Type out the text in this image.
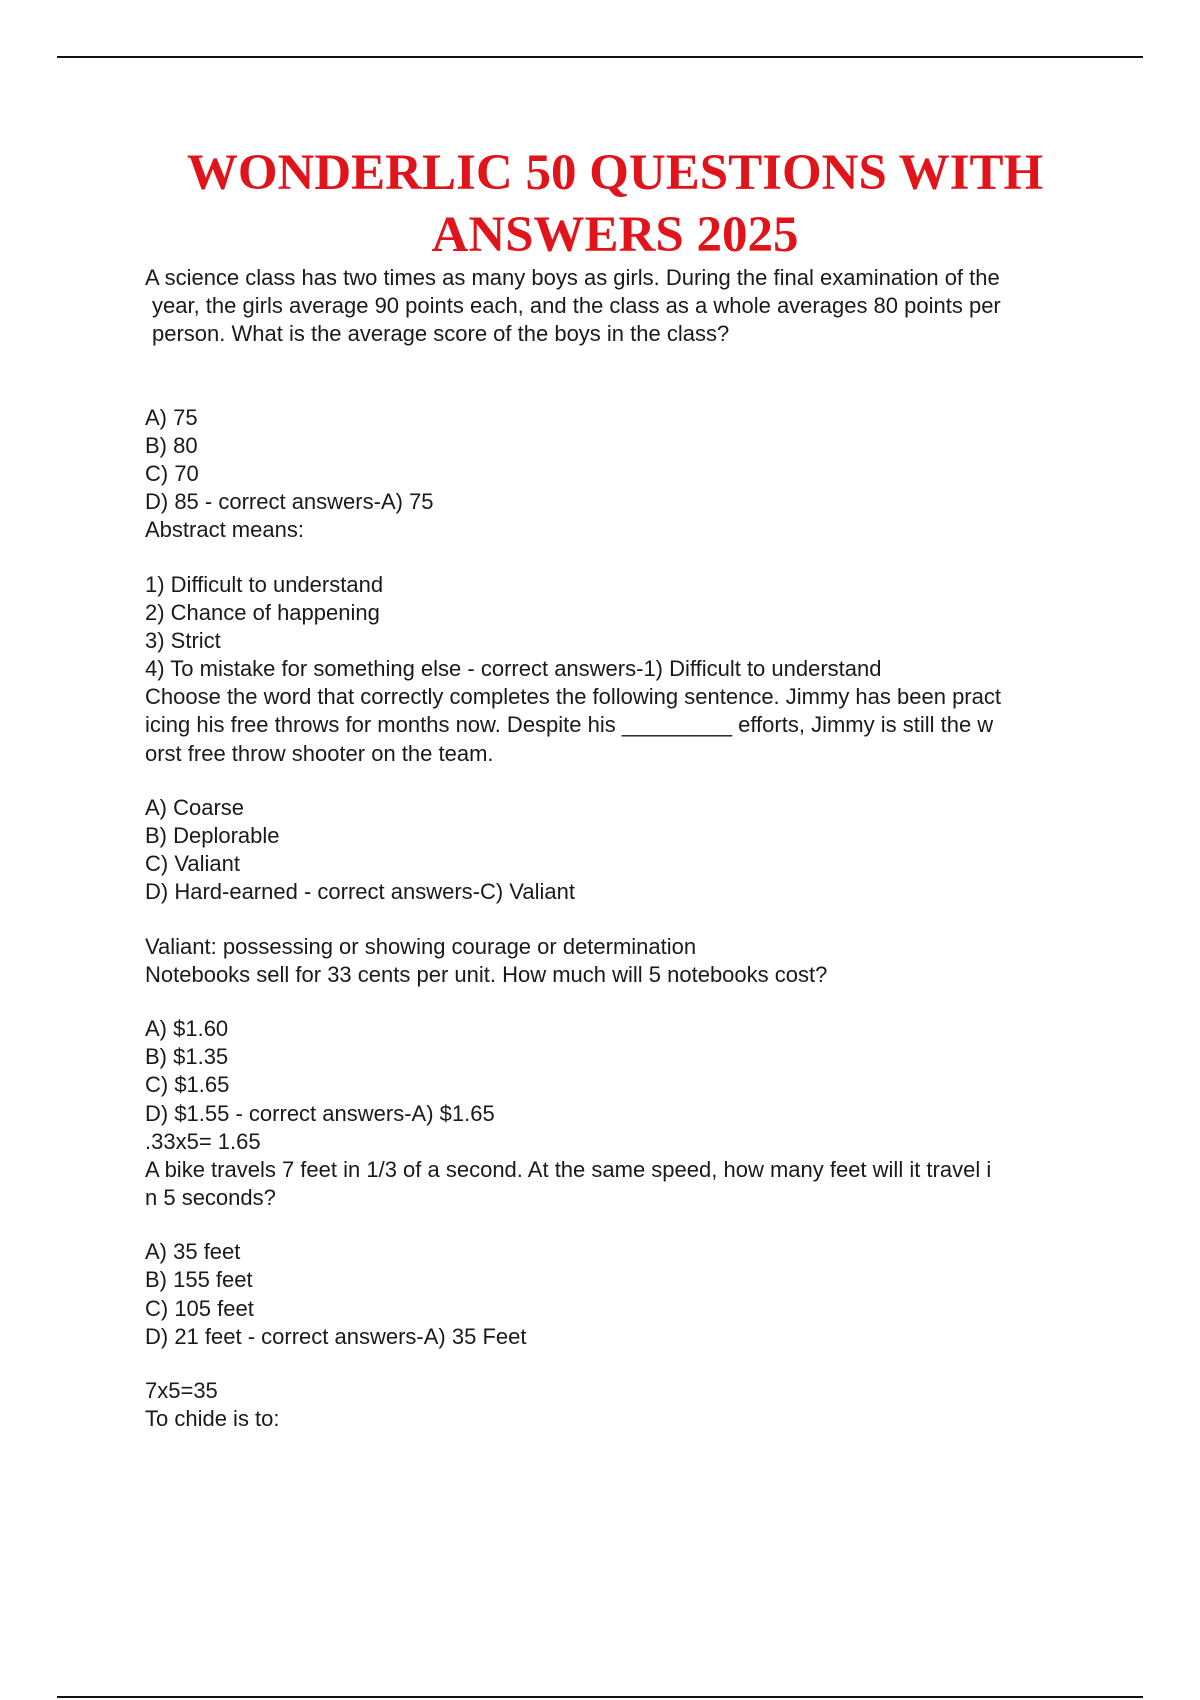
WONDERLIC 50 QUESTIONS WITH
ANSWERS 2025
A science class has two times as many boys as girls. During the final examination of the
year, the girls average 90 points each, and the class as a whole averages 80 points per
person. What is the average score of the boys in the class?
A) 75
B) 80
C) 70
D) 85 - correct answers-A) 75
Abstract means:
1) Difficult to understand
2) Chance of happening
3) Strict
4) To mistake for something else - correct answers-1) Difficult to understand
Choose the word that correctly completes the following sentence. Jimmy has been pract
icing his free throws for months now. Despite his _________ efforts, Jimmy is still the w
orst free throw shooter on the team.
A) Coarse
B) Deplorable
C) Valiant
D) Hard-earned - correct answers-C) Valiant
Valiant: possessing or showing courage or determination
Notebooks sell for 33 cents per unit. How much will 5 notebooks cost?
A) $1.60
B) $1.35
C) $1.65
D) $1.55 - correct answers-A) $1.65
.33x5= 1.65
A bike travels 7 feet in 1/3 of a second. At the same speed, how many feet will it travel i
n 5 seconds?
A) 35 feet
B) 155 feet
C) 105 feet
D) 21 feet - correct answers-A) 35 Feet
7x5=35
To chide is to:
